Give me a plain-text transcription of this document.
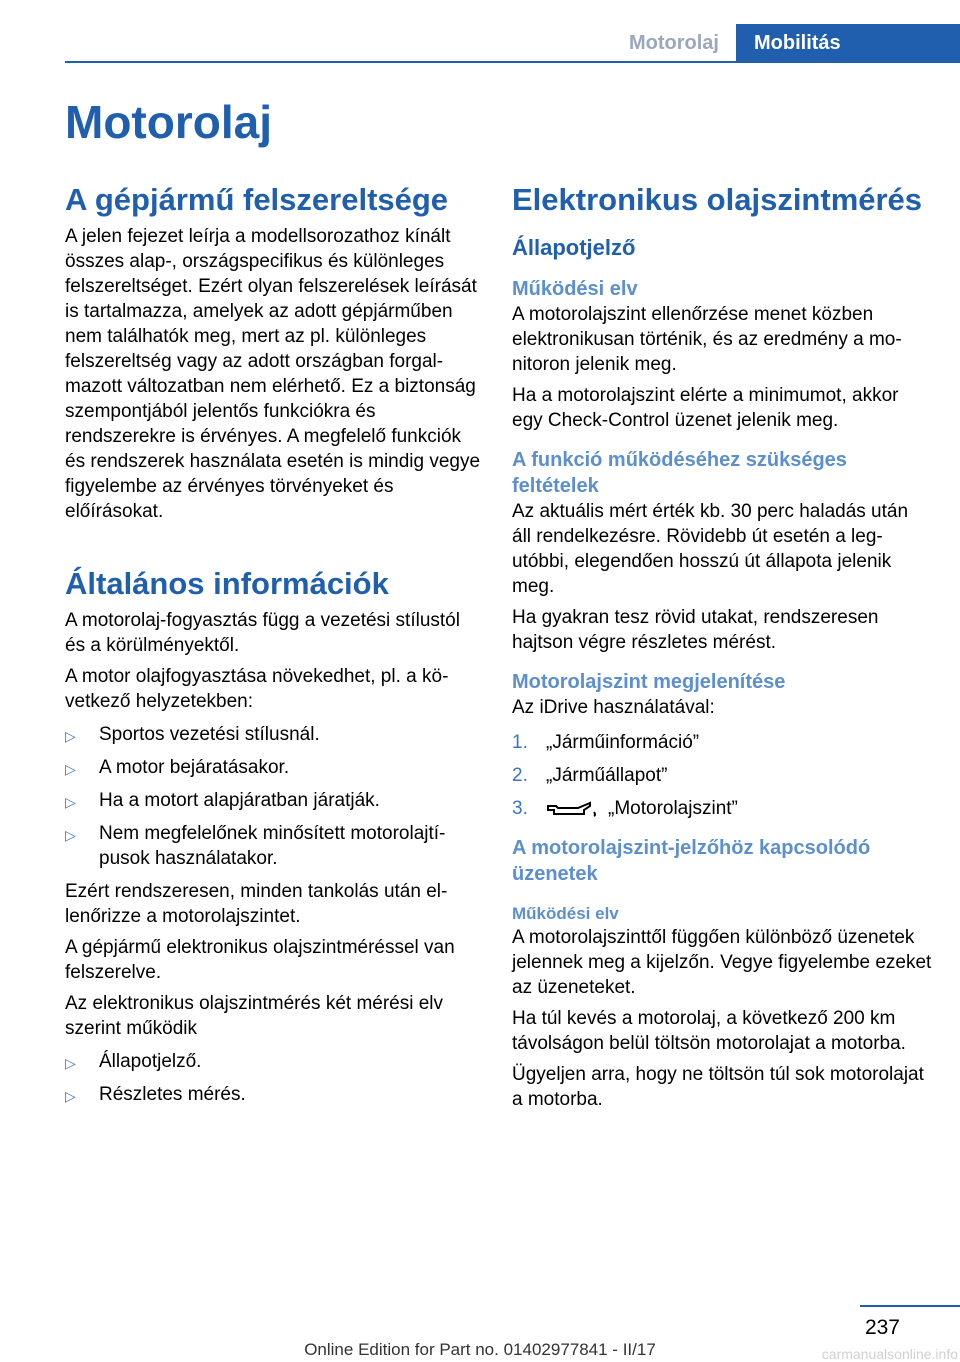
Motorolaj	Mobilitás
Motorolaj
A gépjármű felszereltsége

A jelen fejezet leírja a modellsorozathoz kínált összes alap-, országspecifikus és különleges felszereltséget. Ezért olyan felszerelések leírását is tartalmazza, amelyek az adott gépjárműben nem találhatók meg, mert az pl. különleges felszereltség vagy az adott országban forgalmazott változatban nem elérhető. Ez a biztonság szempontjából jelentős funkciókra és rendszerekre is érvényes. A megfelelő funkciók és rendszerek használata esetén is mindig vegye figyelembe az érvényes törvényeket és előírásokat.

Általános információk

A motorolaj-fogyasztás függ a vezetési stílustól és a körülményektől.

A motor olajfogyasztása növekedhet, pl. a következő helyzetekben:

▷ Sportos vezetési stílusnál.
▷ A motor bejáratásakor.
▷ Ha a motort alapjáratban járatják.
▷ Nem megfelelőnek minősített motorolajtípusok használatakor.

Ezért rendszeresen, minden tankolás után ellenőrizze a motorolajszintet.

A gépjármű elektronikus olajszintméréssel van felszerelve.

Az elektronikus olajszintmérés két mérési elv szerint működik

▷ Állapotjelző.
▷ Részletes mérés.
Elektronikus olajszintmérés
Állapotjelző
Működési elv

A motorolajszint ellenőrzése menet közben elektronikusan történik, és az eredmény a monitoron jelenik meg.

Ha a motorolajszint elérte a minimumot, akkor egy Check-Control üzenet jelenik meg.

A funkció működéséhez szükséges feltételek

Az aktuális mért érték kb. 30 perc haladás után áll rendelkezésre. Rövidebb út esetén a legutóbbi, elegendően hosszú út állapota jelenik meg.

Ha gyakran tesz rövid utakat, rendszeresen hajtson végre részletes mérést.

Motorolajszint megjelenítése

Az iDrive használatával:

1. „Járműinformáció”
2. „Járműállapot”
3.	„Motorolajszint”
A motorolajszint-jelzőhöz kapcsolódó üzenetek
Működési elv

A motorolajszinttől függően különböző üzenetek jelennek meg a kijelzőn. Vegye figyelembe ezeket az üzeneteket.

Ha túl kevés a motorolaj, a következő 200 km távolságon belül töltsön motorolajat a motorba.

Ügyeljen arra, hogy ne töltsön túl sok motorolajat a motorba.

237
Online Edition for Part no. 01402977841 - II/17	carmanualsonline.info
